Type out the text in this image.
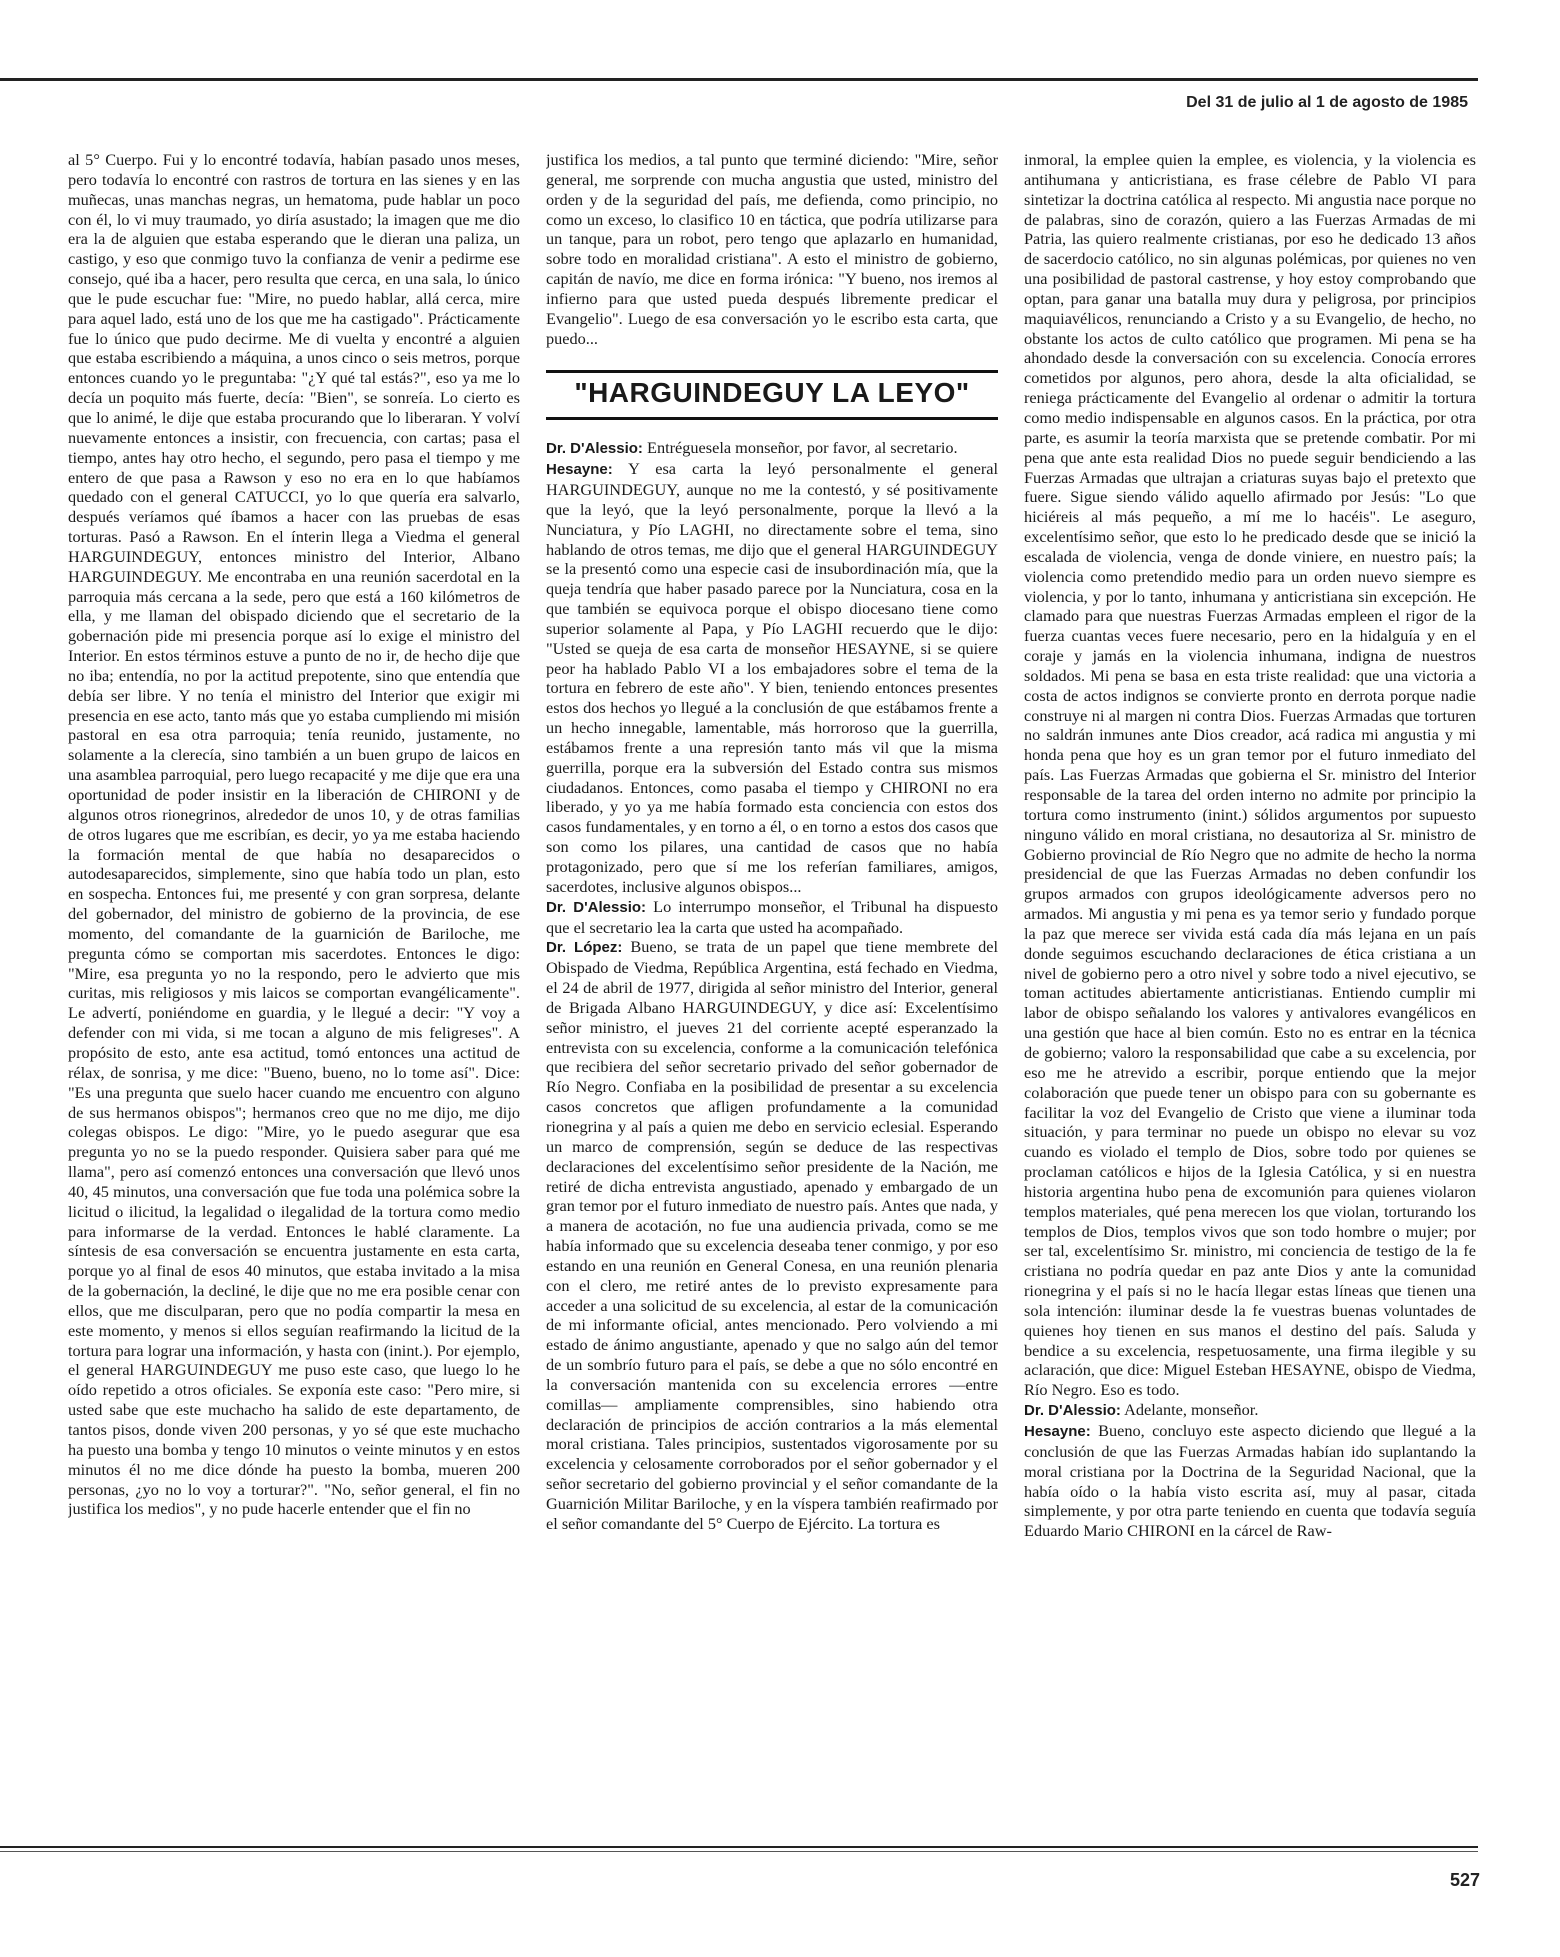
Del 31 de julio al 1 de agosto de 1985

al 5° Cuerpo. Fui y lo encontré todavía, habían pasado unos meses, pero todavía lo encontré con rastros de tortura en las sienes y en las muñecas, unas manchas negras, un hematoma, pude hablar un poco con él, lo vi muy traumado, yo diría asustado; la imagen que me dio era la de alguien que estaba esperando que le dieran una paliza, un castigo, y eso que conmigo tuvo la confianza de venir a pedirme ese consejo, qué iba a hacer, pero resulta que cerca, en una sala, lo único que le pude escuchar fue: "Mire, no puedo hablar, allá cerca, mire para aquel lado, está uno de los que me ha castigado". Prácticamente fue lo único que pudo decirme. Me di vuelta y encontré a alguien que estaba escribiendo a máquina, a unos cinco o seis metros, porque entonces cuando yo le preguntaba: "¿Y qué tal estás?", eso ya me lo decía un poquito más fuerte, decía: "Bien", se sonreía. Lo cierto es que lo animé, le dije que estaba procurando que lo liberaran. Y volví nuevamente entonces a insistir, con frecuencia, con cartas; pasa el tiempo, antes hay otro hecho, el segundo, pero pasa el tiempo y me entero de que pasa a Rawson y eso no era en lo que habíamos quedado con el general CATUCCI, yo lo que quería era salvarlo, después veríamos qué íbamos a hacer con las pruebas de esas torturas. Pasó a Rawson. En el ínterin llega a Viedma el general HARGUINDEGUY, entonces ministro del Interior, Albano HARGUINDEGUY. Me encontraba en una reunión sacerdotal en la parroquia más cercana a la sede, pero que está a 160 kilómetros de ella, y me llaman del obispado diciendo que el secretario de la gobernación pide mi presencia porque así lo exige el ministro del Interior. En estos términos estuve a punto de no ir, de hecho dije que no iba; entendía, no por la actitud prepotente, sino que entendía que debía ser libre. Y no tenía el ministro del Interior que exigir mi presencia en ese acto, tanto más que yo estaba cumpliendo mi misión pastoral en esa otra parroquia; tenía reunido, justamente, no solamente a la clerecía, sino también a un buen grupo de laicos en una asamblea parroquial, pero luego recapacité y me dije que era una oportunidad de poder insistir en la liberación de CHIRONI y de algunos otros rionegrinos, alrededor de unos 10, y de otras familias de otros lugares que me escribían, es decir, yo ya me estaba haciendo la formación mental de que había no desaparecidos o autodesaparecidos, simplemente, sino que había todo un plan, esto en sospecha. Entonces fui, me presenté y con gran sorpresa, delante del gobernador, del ministro de gobierno de la provincia, de ese momento, del comandante de la guarnición de Bariloche, me pregunta cómo se comportan mis sacerdotes. Entonces le digo: "Mire, esa pregunta yo no la respondo, pero le advierto que mis curitas, mis religiosos y mis laicos se comportan evangélicamente". Le advertí, poniéndome en guardia, y le llegué a decir: "Y voy a defender con mi vida, si me tocan a alguno de mis feligreses". A propósito de esto, ante esa actitud, tomó entonces una actitud de rélax, de sonrisa, y me dice: "Bueno, bueno, no lo tome así". Dice: "Es una pregunta que suelo hacer cuando me encuentro con alguno de sus hermanos obispos"; hermanos creo que no me dijo, me dijo colegas obispos. Le digo: "Mire, yo le puedo asegurar que esa pregunta yo no se la puedo responder. Quisiera saber para qué me llama", pero así comenzó entonces una conversación que llevó unos 40, 45 minutos, una conversación que fue toda una polémica sobre la licitud o ilicitud, la legalidad o ilegalidad de la tortura como medio para informarse de la verdad. Entonces le hablé claramente. La síntesis de esa conversación se encuentra justamente en esta carta, porque yo al final de esos 40 minutos, que estaba invitado a la misa de la gobernación, la decliné, le dije que no me era posible cenar con ellos, que me disculparan, pero que no podía compartir la mesa en este momento, y menos si ellos seguían reafirmando la licitud de la tortura para lograr una información, y hasta con (inint.). Por ejemplo, el general HARGUINDEGUY me puso este caso, que luego lo he oído repetido a otros oficiales. Se exponía este caso: "Pero mire, si usted sabe que este muchacho ha salido de este departamento, de tantos pisos, donde viven 200 personas, y yo sé que este muchacho ha puesto una bomba y tengo 10 minutos o veinte minutos y en estos minutos él no me dice dónde ha puesto la bomba, mueren 200 personas, ¿yo no lo voy a torturar?". "No, señor general, el fin no justifica los medios", y no pude hacerle entender que el fin no

justifica los medios, a tal punto que terminé diciendo: "Mire, señor general, me sorprende con mucha angustia que usted, ministro del orden y de la seguridad del país, me defienda, como principio, no como un exceso, lo clasifico 10 en táctica, que podría utilizarse para un tanque, para un robot, pero tengo que aplazarlo en humanidad, sobre todo en moralidad cristiana". A esto el ministro de gobierno, capitán de navío, me dice en forma irónica: "Y bueno, nos iremos al infierno para que usted pueda después libremente predicar el Evangelio". Luego de esa conversación yo le escribo esta carta, que puedo...

"HARGUINDEGUY LA LEYO"

Dr. D'Alessio: Entréguesela monseñor, por favor, al secretario.

Hesayne: Y esa carta la leyó personalmente el general HARGUINDEGUY, aunque no me la contestó, y sé positivamente que la leyó, que la leyó personalmente, porque la llevó a la Nunciatura, y Pío LAGHI, no directamente sobre el tema, sino hablando de otros temas, me dijo que el general HARGUINDEGUY se la presentó como una especie casi de insubordinación mía, que la queja tendría que haber pasado parece por la Nunciatura, cosa en la que también se equivoca porque el obispo diocesano tiene como superior solamente al Papa, y Pío LAGHI recuerdo que le dijo: "Usted se queja de esa carta de monseñor HESAYNE, si se quiere peor ha hablado Pablo VI a los embajadores sobre el tema de la tortura en febrero de este año". Y bien, teniendo entonces presentes estos dos hechos yo llegué a la conclusión de que estábamos frente a un hecho innegable, lamentable, más horroroso que la guerrilla, estábamos frente a una represión tanto más vil que la misma guerrilla, porque era la subversión del Estado contra sus mismos ciudadanos. Entonces, como pasaba el tiempo y CHIRONI no era liberado, y yo ya me había formado esta conciencia con estos dos casos fundamentales, y en torno a él, o en torno a estos dos casos que son como los pilares, una cantidad de casos que no había protagonizado, pero que sí me los referían familiares, amigos, sacerdotes, inclusive algunos obispos...

Dr. D'Alessio: Lo interrumpo monseñor, el Tribunal ha dispuesto que el secretario lea la carta que usted ha acompañado.

Dr. López: Bueno, se trata de un papel que tiene membrete del Obispado de Viedma, República Argentina, está fechado en Viedma, el 24 de abril de 1977, dirigida al señor ministro del Interior, general de Brigada Albano HARGUINDEGUY, y dice así: Excelentísimo señor ministro, el jueves 21 del corriente acepté esperanzado la entrevista con su excelencia, conforme a la comunicación telefónica que recibiera del señor secretario privado del señor gobernador de Río Negro. Confiaba en la posibilidad de presentar a su excelencia casos concretos que afligen profundamente a la comunidad rionegrina y al país a quien me debo en servicio eclesial. Esperando un marco de comprensión, según se deduce de las respectivas declaraciones del excelentísimo señor presidente de la Nación, me retiré de dicha entrevista angustiado, apenado y embargado de un gran temor por el futuro inmediato de nuestro país. Antes que nada, y a manera de acotación, no fue una audiencia privada, como se me había informado que su excelencia deseaba tener conmigo, y por eso estando en una reunión en General Conesa, en una reunión plenaria con el clero, me retiré antes de lo previsto expresamente para acceder a una solicitud de su excelencia, al estar de la comunicación de mi informante oficial, antes mencionado. Pero volviendo a mi estado de ánimo angustiante, apenado y que no salgo aún del temor de un sombrío futuro para el país, se debe a que no sólo encontré en la conversación mantenida con su excelencia errores —entre comillas— ampliamente comprensibles, sino habiendo otra declaración de principios de acción contrarios a la más elemental moral cristiana. Tales principios, sustentados vigorosamente por su excelencia y celosamente corroborados por el señor gobernador y el señor secretario del gobierno provincial y el señor comandante de la Guarnición Militar Bariloche, y en la víspera también reafirmado por el señor comandante del 5° Cuerpo de Ejército. La tortura es

inmoral, la emplee quien la emplee, es violencia, y la violencia es antihumana y anticristiana, es frase célebre de Pablo VI para sintetizar la doctrina católica al respecto. Mi angustia nace porque no de palabras, sino de corazón, quiero a las Fuerzas Armadas de mi Patria, las quiero realmente cristianas, por eso he dedicado 13 años de sacerdocio católico, no sin algunas polémicas, por quienes no ven una posibilidad de pastoral castrense, y hoy estoy comprobando que optan, para ganar una batalla muy dura y peligrosa, por principios maquiavélicos, renunciando a Cristo y a su Evangelio, de hecho, no obstante los actos de culto católico que programen. Mi pena se ha ahondado desde la conversación con su excelencia. Conocía errores cometidos por algunos, pero ahora, desde la alta oficialidad, se reniega prácticamente del Evangelio al ordenar o admitir la tortura como medio indispensable en algunos casos. En la práctica, por otra parte, es asumir la teoría marxista que se pretende combatir. Por mi pena que ante esta realidad Dios no puede seguir bendiciendo a las Fuerzas Armadas que ultrajan a criaturas suyas bajo el pretexto que fuere. Sigue siendo válido aquello afirmado por Jesús: "Lo que hiciéreis al más pequeño, a mí me lo hacéis". Le aseguro, excelentísimo señor, que esto lo he predicado desde que se inició la escalada de violencia, venga de donde viniere, en nuestro país; la violencia como pretendido medio para un orden nuevo siempre es violencia, y por lo tanto, inhumana y anticristiana sin excepción. He clamado para que nuestras Fuerzas Armadas empleen el rigor de la fuerza cuantas veces fuere necesario, pero en la hidalguía y en el coraje y jamás en la violencia inhumana, indigna de nuestros soldados. Mi pena se basa en esta triste realidad: que una victoria a costa de actos indignos se convierte pronto en derrota porque nadie construye ni al margen ni contra Dios. Fuerzas Armadas que torturen no saldrán inmunes ante Dios creador, acá radica mi angustia y mi honda pena que hoy es un gran temor por el futuro inmediato del país. Las Fuerzas Armadas que gobierna el Sr. ministro del Interior responsable de la tarea del orden interno no admite por principio la tortura como instrumento (inint.) sólidos argumentos por supuesto ninguno válido en moral cristiana, no desautoriza al Sr. ministro de Gobierno provincial de Río Negro que no admite de hecho la norma presidencial de que las Fuerzas Armadas no deben confundir los grupos armados con grupos ideológicamente adversos pero no armados. Mi angustia y mi pena es ya temor serio y fundado porque la paz que merece ser vivida está cada día más lejana en un país donde seguimos escuchando declaraciones de ética cristiana a un nivel de gobierno pero a otro nivel y sobre todo a nivel ejecutivo, se toman actitudes abiertamente anticristianas. Entiendo cumplir mi labor de obispo señalando los valores y antivalores evangélicos en una gestión que hace al bien común. Esto no es entrar en la técnica de gobierno; valoro la responsabilidad que cabe a su excelencia, por eso me he atrevido a escribir, porque entiendo que la mejor colaboración que puede tener un obispo para con su gobernante es facilitar la voz del Evangelio de Cristo que viene a iluminar toda situación, y para terminar no puede un obispo no elevar su voz cuando es violado el templo de Dios, sobre todo por quienes se proclaman católicos e hijos de la Iglesia Católica, y si en nuestra historia argentina hubo pena de excomunión para quienes violaron templos materiales, qué pena merecen los que violan, torturando los templos de Dios, templos vivos que son todo hombre o mujer; por ser tal, excelentísimo Sr. ministro, mi conciencia de testigo de la fe cristiana no podría quedar en paz ante Dios y ante la comunidad rionegrina y el país si no le hacía llegar estas líneas que tienen una sola intención: iluminar desde la fe vuestras buenas voluntades de quienes hoy tienen en sus manos el destino del país. Saluda y bendice a su excelencia, respetuosamente, una firma ilegible y su aclaración, que dice: Miguel Esteban HESAYNE, obispo de Viedma, Río Negro. Eso es todo.

Dr. D'Alessio: Adelante, monseñor.

Hesayne: Bueno, concluyo este aspecto diciendo que llegué a la conclusión de que las Fuerzas Armadas habían ido suplantando la moral cristiana por la Doctrina de la Seguridad Nacional, que la había oído o la había visto escrita así, muy al pasar, citada simplemente, y por otra parte teniendo en cuenta que todavía seguía Eduardo Mario CHIRONI en la cárcel de Raw-

527
